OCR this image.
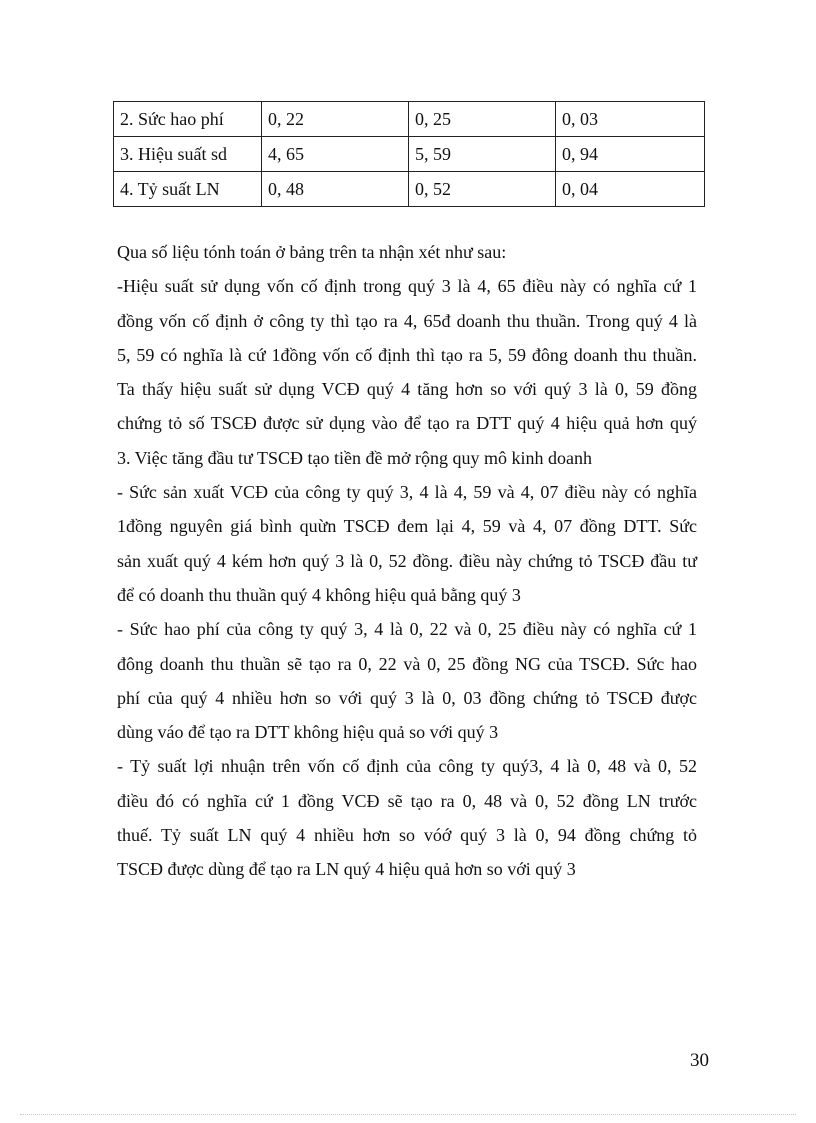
2. Sức hao phí	0, 22	0, 25	0, 03
3. Hiệu suất sd	4, 65	5, 59	0, 94
4. Tỷ suất LN	0, 48	0, 52	0, 04
Qua số liệu tónh toán ở bảng trên ta nhận xét như sau:
-Hiệu suất sử dụng vốn cố định trong quý 3 là 4, 65 điều này có nghĩa cứ 1
đồng vốn cố định ở công ty thì tạo ra 4, 65đ doanh thu thuần. Trong quý 4 là
5, 59 có nghĩa là cứ 1đồng vốn cố định thì tạo ra 5, 59 đông doanh thu thuần.
Ta thấy hiệu suất sử dụng VCĐ quý 4 tăng hơn so với quý 3 là 0, 59 đồng
chứng tỏ số TSCĐ được sử dụng vào để tạo ra DTT quý 4 hiệu quả hơn quý
3. Việc tăng đầu tư TSCĐ tạo tiền đề mở rộng quy mô kinh doanh
- Sức sản xuất VCĐ của công ty quý 3, 4 là 4, 59 và 4, 07 điều này có nghĩa
1đồng nguyên giá bình quừn TSCĐ đem lại 4, 59 và 4, 07 đồng DTT. Sức
sản xuất quý 4 kém hơn quý 3 là 0, 52 đồng. điều này chứng tỏ TSCĐ đầu tư
để có doanh thu thuần quý 4 không hiệu quả bằng quý 3
- Sức hao phí của công ty quý 3, 4 là 0, 22 và 0, 25 điều này có nghĩa cứ 1
đông doanh thu thuần sẽ tạo ra 0, 22 và 0, 25 đồng NG của TSCĐ. Sức hao
phí của quý 4 nhiều hơn so với quý 3 là 0, 03 đồng chứng tỏ TSCĐ được
dùng váo để tạo ra DTT không hiệu quả so với quý 3
- Tỷ suất lợi nhuận trên vốn cố định của công ty quý3, 4 là 0, 48 và 0, 52
điều đó có nghĩa cứ 1 đồng VCĐ sẽ tạo ra 0, 48 và 0, 52 đồng LN trước
thuế. Tỷ suất LN quý 4 nhiều hơn so vóớ quý 3 là 0, 94 đồng chứng tỏ
TSCĐ được dùng để tạo ra LN quý 4 hiệu quả hơn so với quý 3
30
